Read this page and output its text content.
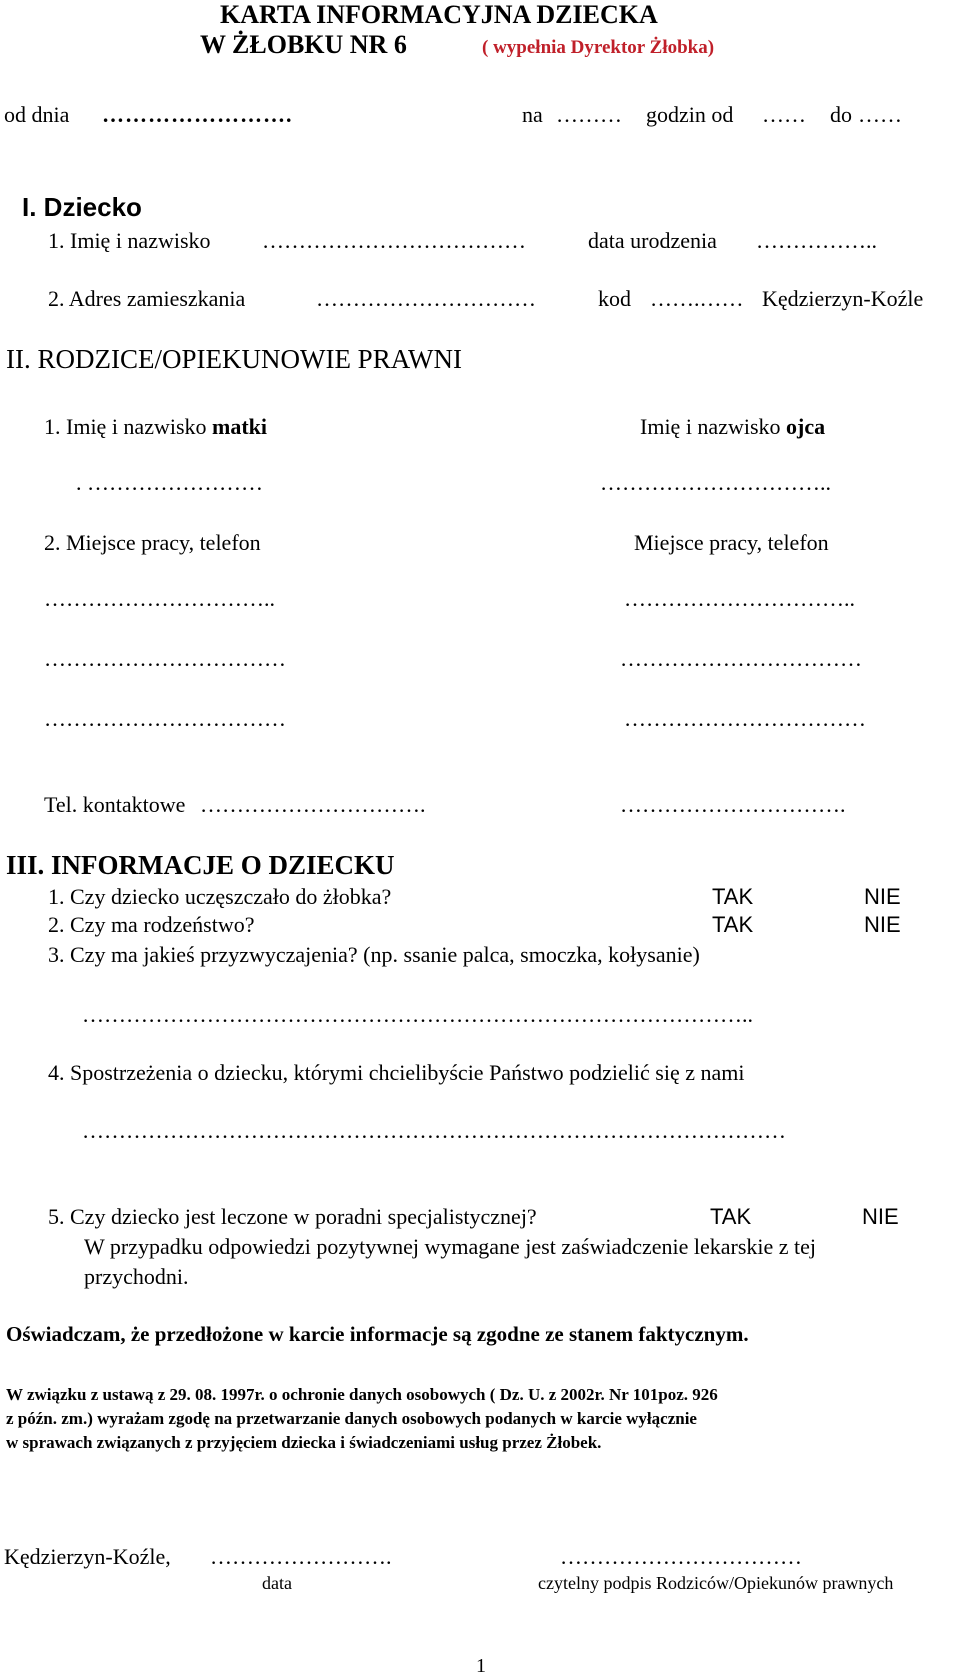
KARTA INFORMACYJNA DZIECKA
W ŻŁOBKU NR 6	( wypełnia Dyrektor Żłobka)
od dnia …………………….	na ……… godzin od …… do ……
I. Dziecko
1. Imię i nazwisko ………………………………	data urodzenia ……………..
2. Adres zamieszkania	…………………………	kod …….…… Kędzierzyn-Koźle
II. RODZICE/OPIEKUNOWIE PRAWNI
1. Imię i nazwisko matki	Imię i nazwisko ojca
. ……………………	…………………………..
2. Miejsce pracy, telefon	Miejsce pracy, telefon
…………………………..	…………………………..
……………………………	……………………………
……………………………	……………………………
Tel. kontaktowe ………………………….	………………………….
III. INFORMACJE O DZIECKU
1. Czy dziecko uczęszczało do żłobka?	TAK	NIE
2. Czy ma rodzeństwo?	TAK	NIE
3. Czy ma jakieś przyzwyczajenia? (np. ssanie palca, smoczka, kołysanie)
………………………………………………………………………………..
4. Spostrzeżenia o dziecku, którymi chcielibyście Państwo podzielić się z nami
……………………………………………………………………………………
5. Czy dziecko jest leczone w poradni specjalistycznej?	TAK	NIE
W przypadku odpowiedzi pozytywnej wymagane jest zaświadczenie lekarskie z tej
przychodni.
Oświadczam, że przedłożone w karcie informacje są zgodne ze stanem faktycznym.
W związku z ustawą z 29. 08. 1997r. o ochronie danych osobowych ( Dz. U. z 2002r. Nr 101poz. 926
z późn. zm.) wyrażam zgodę na przetwarzanie danych osobowych podanych w karcie wyłącznie
w sprawach związanych z przyjęciem dziecka i świadczeniami usług przez Żłobek.
Kędzierzyn-Koźle, …………………….	……………………………
data	czytelny podpis Rodziców/Opiekunów prawnych
1
